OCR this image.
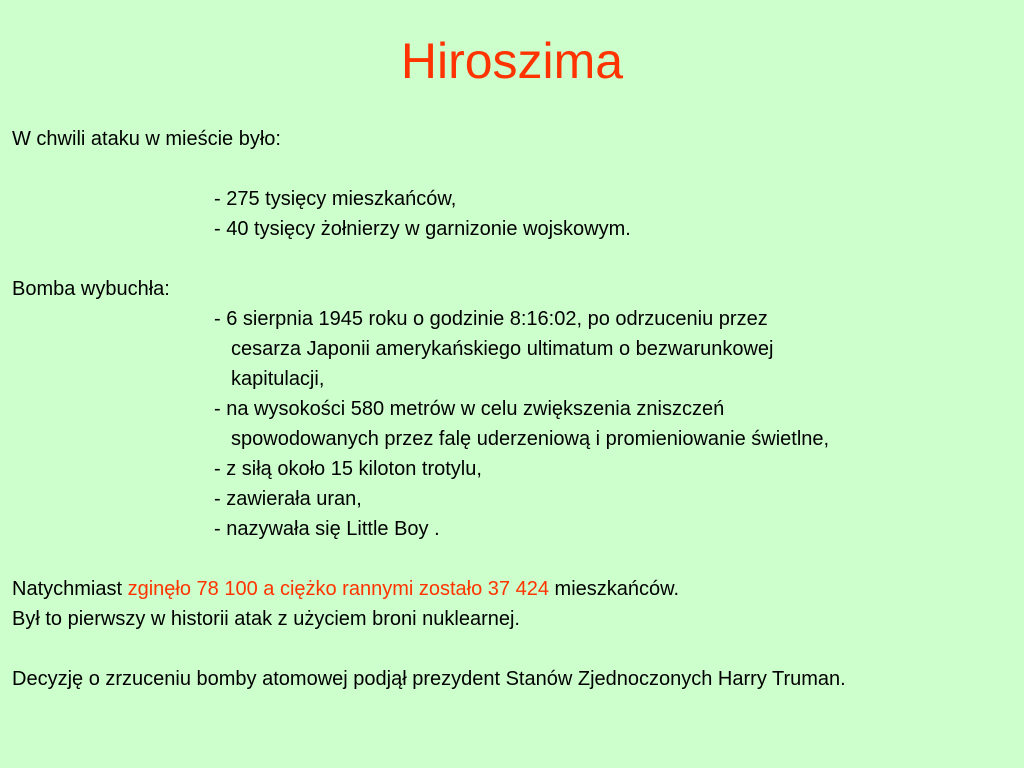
Hiroszima
W chwili ataku w mieście było:
- 275 tysięcy mieszkańców,
- 40 tysięcy żołnierzy w garnizonie wojskowym.
Bomba wybuchła:
- 6 sierpnia 1945 roku o godzinie 8:16:02, po odrzuceniu przez
cesarza Japonii amerykańskiego ultimatum o bezwarunkowej
kapitulacji,
- na wysokości 580 metrów w celu zwiększenia zniszczeń
spowodowanych przez falę uderzeniową i promieniowanie świetlne,
- z siłą około 15 kiloton trotylu,
- zawierała uran,
- nazywała się Little Boy .
Natychmiast zginęło 78 100 a ciężko rannymi zostało 37 424 mieszkańców.
Był to pierwszy w historii atak z użyciem broni nuklearnej.
Decyzję o zrzuceniu bomby atomowej podjął prezydent Stanów Zjednoczonych Harry Truman.
